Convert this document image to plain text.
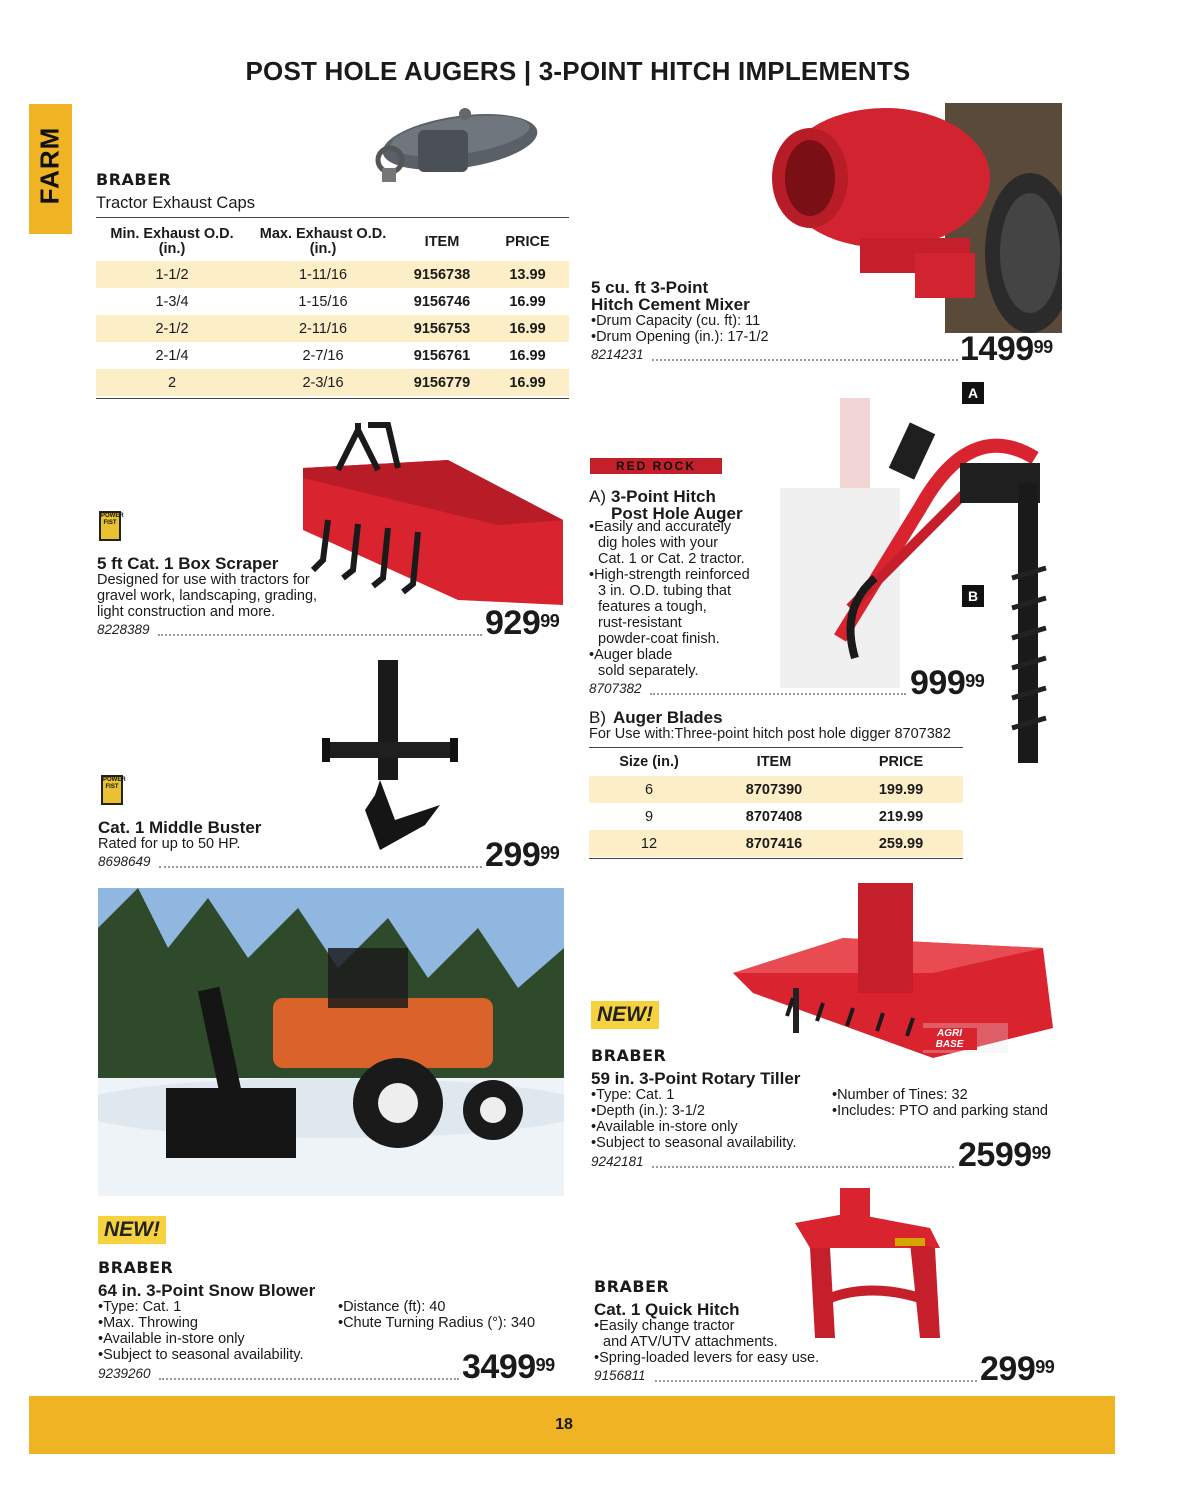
POST HOLE AUGERS | 3-POINT HITCH IMPLEMENTS
FARM BRABER
Tractor Exhaust Caps
Min. Exhaust O.D. (in.)	Max. Exhaust O.D. (in.)	ITEM	PRICE
1-1/2	1-11/16	9156738	13.99
1-3/4	1-15/16	9156746	16.99
2-1/2	2-11/16	9156753	16.99
2-1/4	2-7/16	9156761	16.99
2	2-3/16	9156779	16.99
5 cu. ft 3-Point
Hitch Cement Mixer
•Drum Capacity (cu. ft): 11
•Drum Opening (in.): 17-1/2
8214231	1499$^{99}$
POWER FIST
5 ft Cat. 1 Box Scraper
Designed for use with tractors for
gravel work, landscaping, grading,
light construction and more.
8228389	$929^{99}$
RED ROCK
A
B
A) 3-Point Hitch
Post Hole Auger
•Easily and accurately
dig holes with your
Cat. 1 or Cat. 2 tractor.
•High-strength reinforced
3 in. O.D. tubing that
features a tough,
rust-resistant
powder-coat finish.
•Auger blade
sold separately.
8707382	$999^{99}$
B) Auger Blades
For Use with:Three-point hitch post hole digger 8707382
Size (in.)	ITEM	PRICE
6	8707390	199.99
9	8707408	219.99
12	8707416	259.99
POWER FIST
Cat. 1 Middle Buster
Rated for up to 50 HP.
8698649	$299^{99}$
NEW!
BRABER
64 in. 3-Point Snow Blower
•Type: Cat. 1
•Max. Throwing
•Available in-store only
•Subject to seasonal availability.
•Distance (ft): 40
•Chute Turning Radius (°): 340
9239260	3499$^{99}$
AGRI BASE
NEW!
BRABER
59 in. 3-Point Rotary Tiller
•Type: Cat. 1
•Depth (in.): 3-1/2
•Available in-store only
•Subject to seasonal availability.
•Number of Tines: 32
•Includes: PTO and parking stand
9242181	2599$^{99}$
BRABER
Cat. 1 Quick Hitch
•Easily change tractor
and ATV/UTV attachments.
•Spring-loaded levers for easy use.
9156811	$299^{99}$
18
